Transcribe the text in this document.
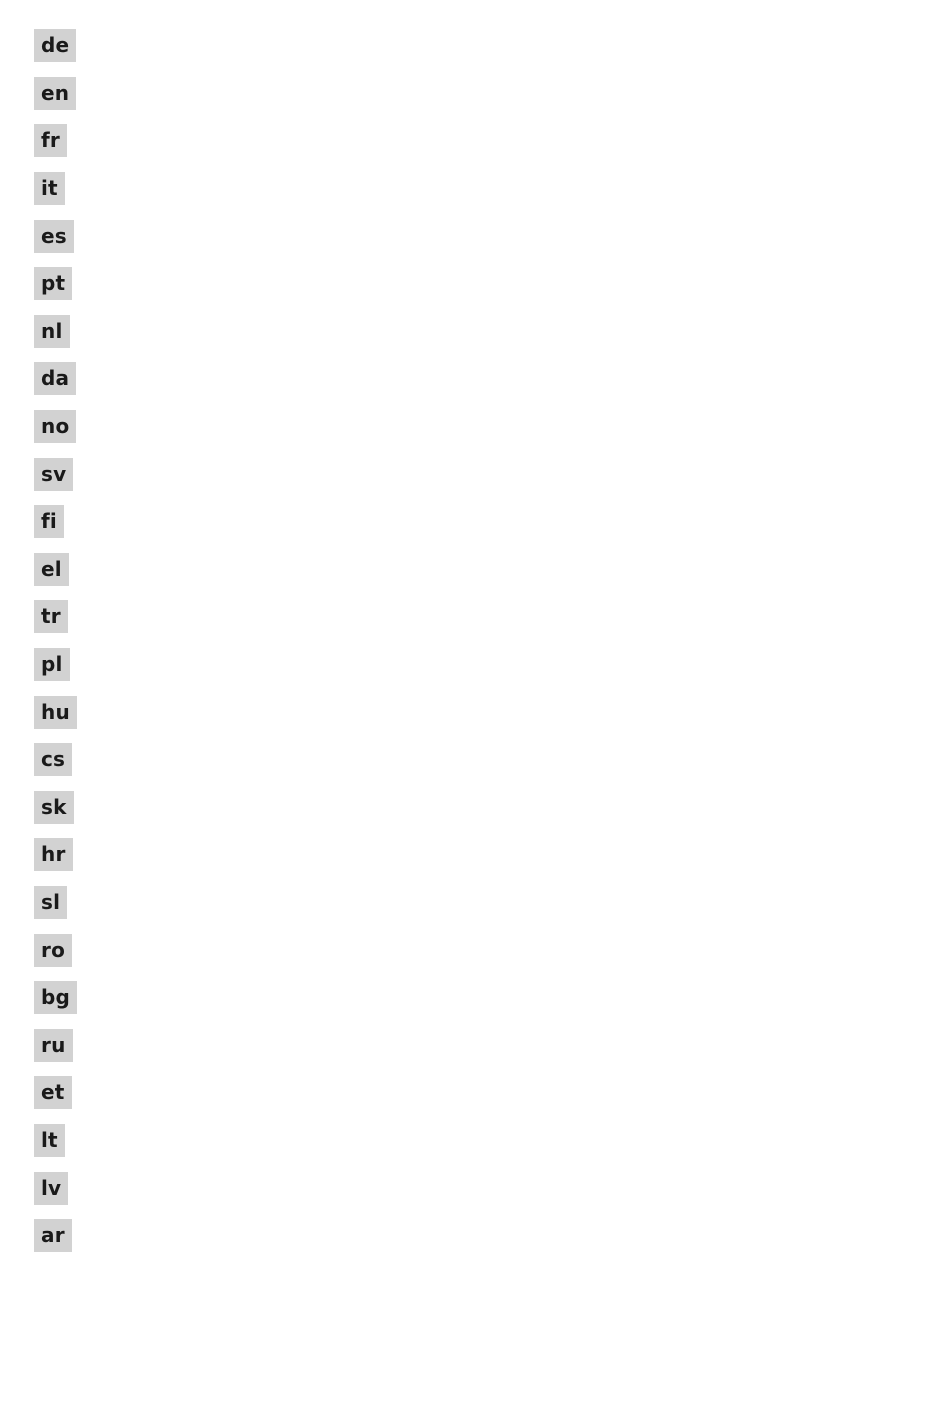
de
en
fr
it
es
pt
nl
da
no
sv
fi
el
tr
pl
hu
cs
sk
hr
sl
ro
bg
ru
et
lt
lv
ar
